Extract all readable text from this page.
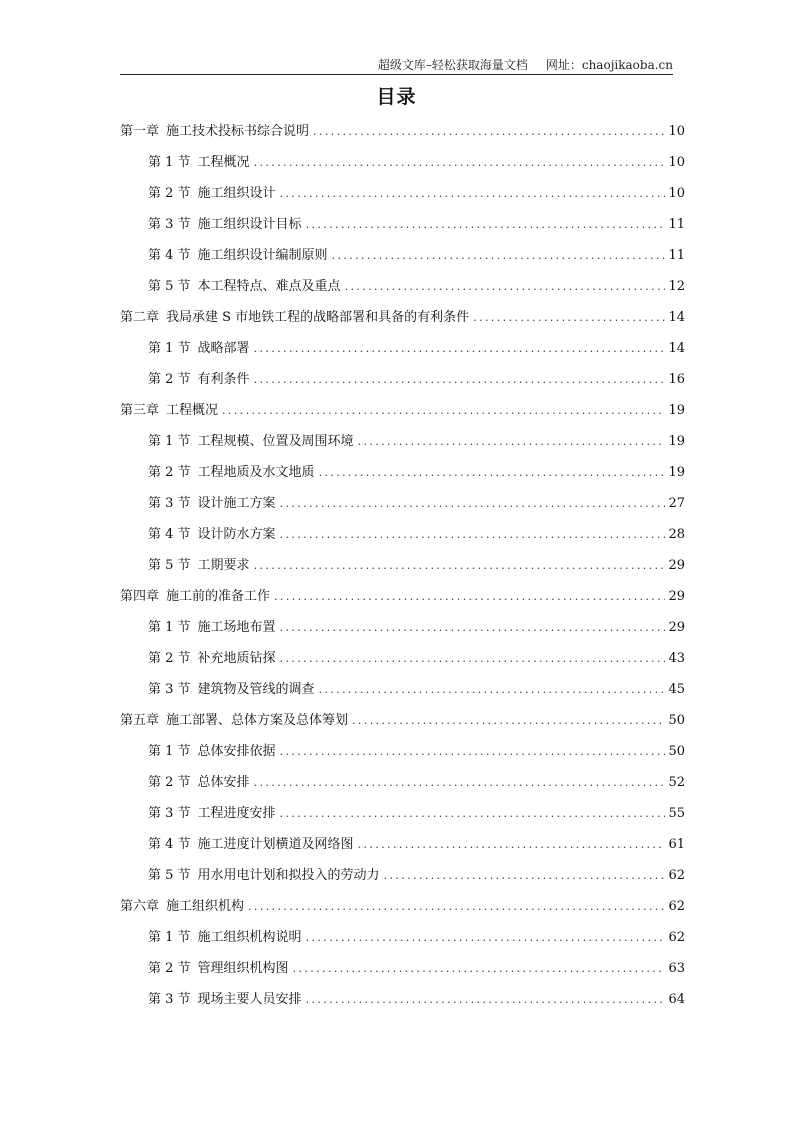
超级文库–轻松获取海量文档 网址：chaojikaoba.cn
目录
第一章 施工技术投标书综合说明 .....	10
第 1 节 工程概况 .....	10
第 2 节 施工组织设计 .....	10
第 3 节 施工组织设计目标 .....	11
第 4 节 施工组织设计编制原则 .....	11
第 5 节 本工程特点、难点及重点 .....	12
第二章 我局承建 S 市地铁工程的战略部署和具备的有利条件 .....	14
第 1 节 战略部署 .....	14
第 2 节 有利条件 .....	16
第三章 工程概况 .....	19
第 1 节 工程规模、位置及周围环境 .....	19
第 2 节 工程地质及水文地质 .....	19
第 3 节 设计施工方案 .....	27
第 4 节 设计防水方案 .....	28
第 5 节 工期要求 .....	29
第四章 施工前的准备工作 .....	29
第 1 节 施工场地布置 .....	29
第 2 节 补充地质钻探 .....	43
第 3 节 建筑物及管线的调查 .....	45
第五章 施工部署、总体方案及总体筹划 .....	50
第 1 节 总体安排依据 .....	50
第 2 节 总体安排 .....	52
第 3 节 工程进度安排 .....	55
第 4 节 施工进度计划横道及网络图 .....	61
第 5 节 用水用电计划和拟投入的劳动力 .....	62
第六章 施工组织机构 .....	62
第 1 节 施工组织机构说明 .....	62
第 2 节 管理组织机构图 .....	63
第 3 节 现场主要人员安排 .....	64
